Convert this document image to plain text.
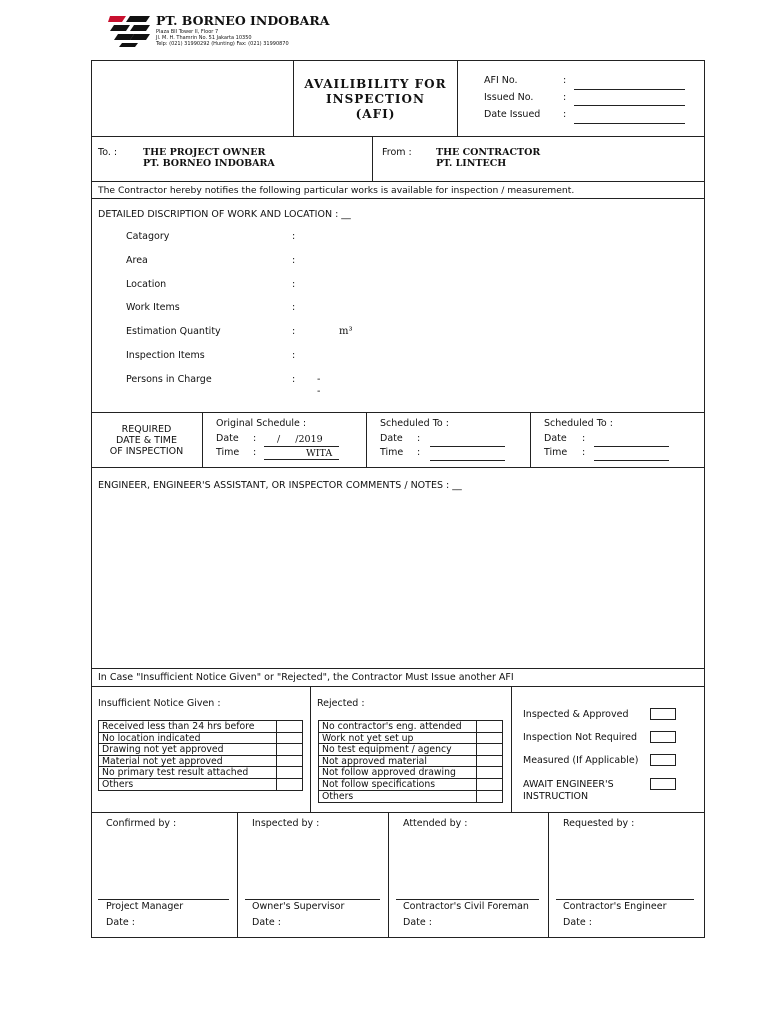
PT. BORNEO INDOBARA
Plaza BII Tower II, Floor 7
Jl. M. H. Thamrin No. 51 Jakarta 10350
Telp: (021) 31990292 (Hunting) Fax: (021) 31990870
AVAILIBILITY FOR
INSPECTION
(AFI)
AFI No.	:
Issued No.	:
Date Issued :
To. :	THE PROJECT OWNER
PT. BORNEO INDOBARA
From :	THE CONTRACTOR
PT. LINTECH
The Contractor hereby notifies the following particular works is available for inspection / measurement.
DETAILED DISCRIPTION OF WORK AND LOCATION : __
Catagory	:
Area	:
Location	:
Work Items	:
Estimation Quantity	:	m³
Inspection Items	:
Persons in Charge	: -
-
REQUIRED
DATE & TIME
OF INSPECTION
Original Schedule :
Date : /     /2019
Time :	WITA
Scheduled To :
Date :
Time :
Scheduled To :
Date :
Time :
ENGINEER, ENGINEER'S ASSISTANT, OR INSPECTOR COMMENTS / NOTES : __
In Case "Insufficient Notice Given" or "Rejected", the Contractor Must Issue another AFI
Insufficient Notice Given :
Received less than 24 hrs before
No location indicated
Drawing not yet approved
Material not yet approved
No primary test result attached
Others
Rejected :
No contractor's eng. attended
Work not yet set up
No test equipment / agency
Not approved material
Not follow approved drawing
Not follow specifications
Others
Inspected & Approved
Inspection Not Required
Measured (If Applicable)
AWAIT ENGINEER'S
INSTRUCTION
Confirmed by :
Project Manager
Date :
Inspected by :
Owner's Supervisor
Date :
Attended by :
Contractor's Civil Foreman
Date :
Requested by :
Contractor's Engineer
Date :
